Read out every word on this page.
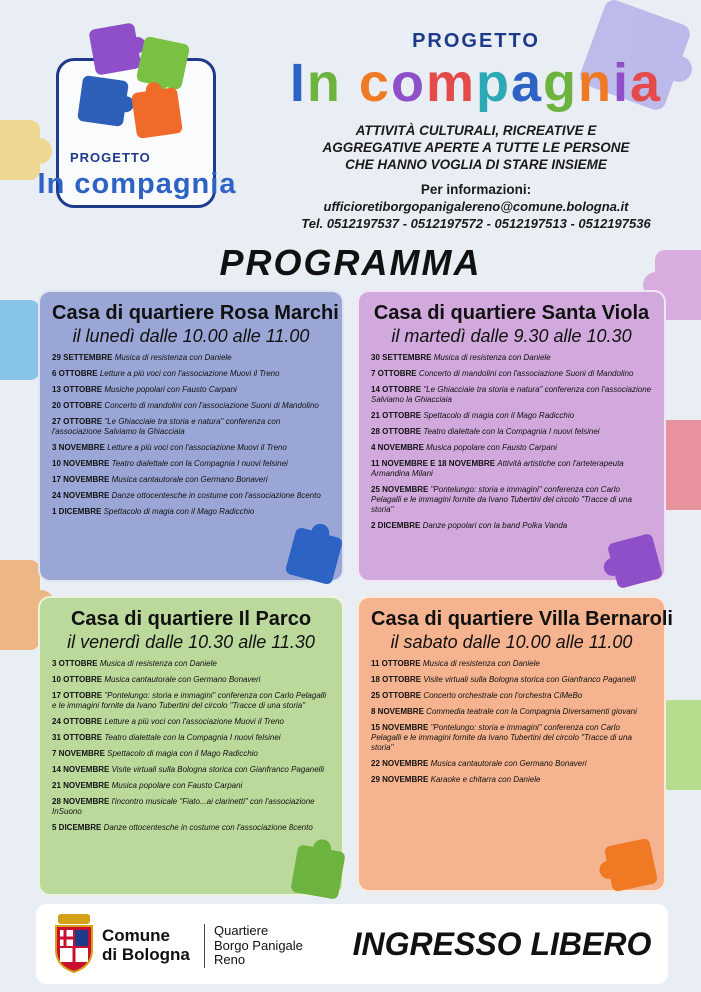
PROGETTO
In compagnia
PROGETTO
In compagnia
ATTIVITÀ CULTURALI, RICREATIVE E
AGGREGATIVE APERTE A TUTTE LE PERSONE
CHE HANNO VOGLIA DI STARE INSIEME
Per informazioni:
ufficioretiborgopanigalereno@comune.bologna.it
Tel. 0512197537 - 0512197572 - 0512197513 - 0512197536
PROGRAMMA
Casa di quartiere Rosa Marchi
il lunedì dalle 10.00 alle 11.00
29 SETTEMBRE Musica di resistenza con Daniele
6 OTTOBRE Letture a più voci con l'associazione Muovi il Treno
13 OTTOBRE Musiche popolari con Fausto Carpani
20 OTTOBRE Concerto di mandolini con l'associazione Suoni di Mandolino
27 OTTOBRE "Le Ghiacciaie tra storia e natura" conferenza con l'associazione Salviamo la Ghiacciaia
3 NOVEMBRE Letture a più voci con l'associazione Muovi il Treno
10 NOVEMBRE Teatro dialettale con la Compagnia I nuovi felsinei
17 NOVEMBRE Musica cantautorale con Germano Bonaveri
24 NOVEMBRE Danze ottocentesche in costume con l'associazione 8cento
1 DICEMBRE Spettacolo di magia con il Mago Radicchio
Casa di quartiere Santa Viola
il martedì dalle 9.30 alle 10.30
30 SETTEMBRE Musica di resistenza con Daniele
7 OTTOBRE Concerto di mandolini con l'associazione Suoni di Mandolino
14 OTTOBRE "Le Ghiacciaie tra storia e natura" conferenza con l'associazione Salviamo la Ghiacciaia
21 OTTOBRE Spettacolo di magia con il Mago Radicchio
28 OTTOBRE Teatro dialettale con la Compagnia I nuovi felsinei
4 NOVEMBRE Musica popolare con Fausto Carpani
11 NOVEMBRE E 18 NOVEMBRE Attività artistiche con l'arteterapeuta Armandina Milani
25 NOVEMBRE "Pontelungo: storia e immagini" conferenza con Carlo Pelagalli e le immagini fornite da Ivano Tubertini del circolo "Tracce di una storia"
2 DICEMBRE Danze popolari con la band Polka Vanda
Casa di quartiere Il Parco
il venerdì dalle 10.30 alle 11.30
3 OTTOBRE Musica di resistenza con Daniele
10 OTTOBRE Musica cantautorale con Germano Bonaveri
17 OTTOBRE "Pontelungo: storia e immagini" conferenza con Carlo Pelagalli e le immagini fornite da Ivano Tubertini del circolo "Tracce di una storia"
24 OTTOBRE Letture a più voci con l'associazione Muovi il Treno
31 OTTOBRE Teatro dialettale con la Compagnia I nuovi felsinei
7 NOVEMBRE Spettacolo di magia con il Mago Radicchio
14 NOVEMBRE Visite virtuali sulla Bologna storica con Gianfranco Paganelli
21 NOVEMBRE Musica popolare con Fausto Carpani
28 NOVEMBRE l'incontro musicale "Fiato...ai clarinetti" con l'associazione InSuono
5 DICEMBRE Danze ottocentesche in costume con l'associazione 8cento
Casa di quartiere Villa Bernaroli
il sabato dalle 10.00 alle 11.00
11 OTTOBRE Musica di resistenza con Daniele
18 OTTOBRE Visite virtuali sulla Bologna storica con Gianfranco Paganelli
25 OTTOBRE Concerto orchestrale con l'orchestra CiMeBo
8 NOVEMBRE Commedia teatrale con la Compagnia Diversamenti giovani
15 NOVEMBRE "Pontelungo: storia e immagini" conferenza con Carlo Pelagalli e le immagini fornite da Ivano Tubertini del circolo "Tracce di una storia"
22 NOVEMBRE Musica cantautorale con Germano Bonaveri
29 NOVEMBRE Karaoke e chitarra con Daniele
Comune
di Bologna
Quartiere
Borgo Panigale
Reno	INGRESSO LIBERO
